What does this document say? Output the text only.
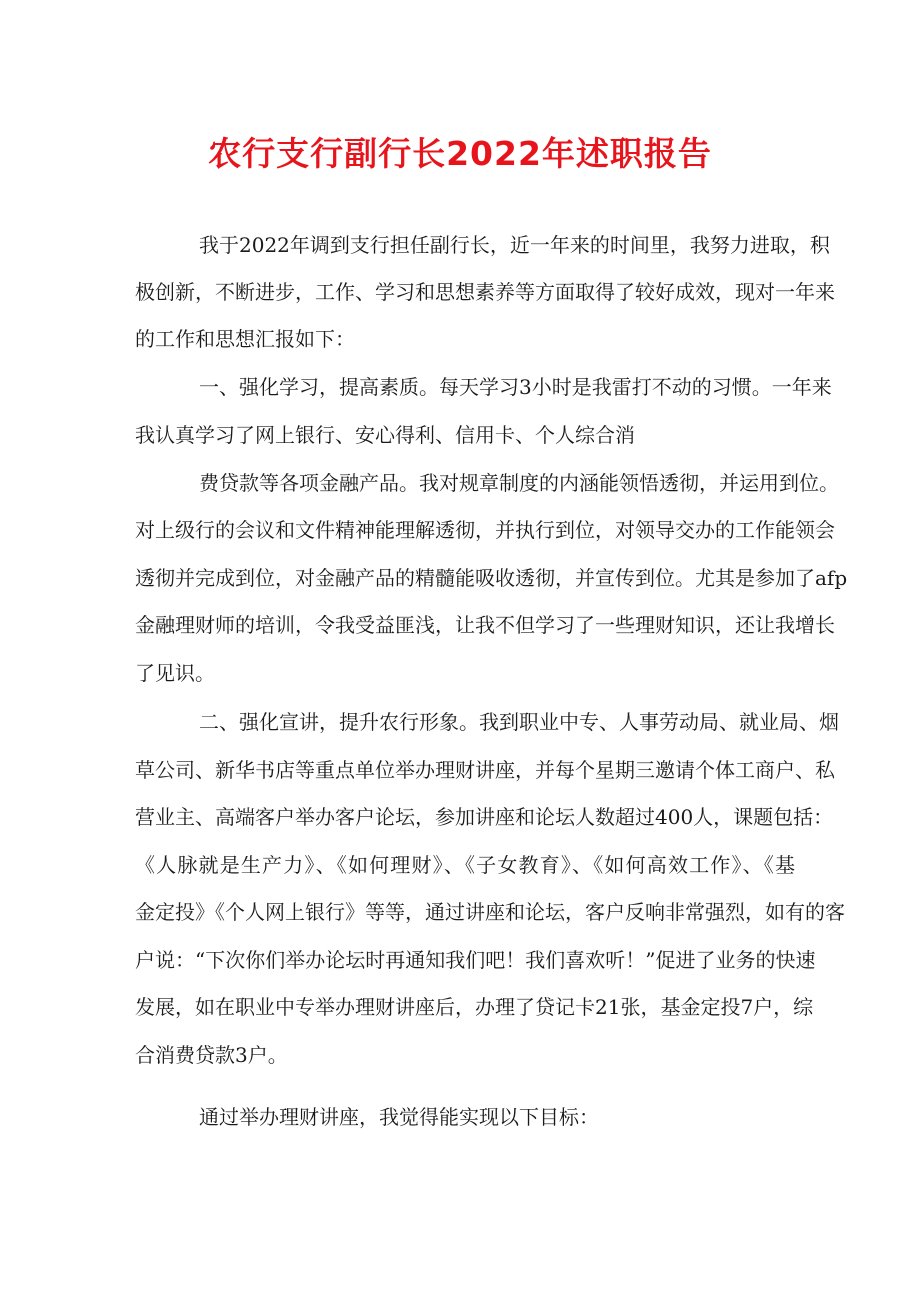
农行支行副行长2022年述职报告

我于2022年调到支行担任副行长，近一年来的时间里，我努力进取，积

极创新，不断进步，工作、学习和思想素养等方面取得了较好成效，现对一年来

的工作和思想汇报如下：

一、强化学习，提高素质。每天学习3小时是我雷打不动的习惯。一年来

我认真学习了网上银行、安心得利、信用卡、个人综合消

费贷款等各项金融产品。我对规章制度的内涵能领悟透彻，并运用到位。

对上级行的会议和文件精神能理解透彻，并执行到位，对领导交办的工作能领会

透彻并完成到位，对金融产品的精髓能吸收透彻，并宣传到位。尤其是参加了afp

金融理财师的培训，令我受益匪浅，让我不但学习了一些理财知识，还让我增长

了见识。

二、强化宣讲，提升农行形象。我到职业中专、人事劳动局、就业局、烟

草公司、新华书店等重点单位举办理财讲座，并每个星期三邀请个体工商户、私

营业主、高端客户举办客户论坛，参加讲座和论坛人数超过400人，课题包括：

《人脉就是生产力》、《如何理财》、《子女教育》、《如何高效工作》、《基

金定投》《个人网上银行》等等，通过讲座和论坛，客户反响非常强烈，如有的客

户说：“下次你们举办论坛时再通知我们吧！我们喜欢听！”促进了业务的快速

发展，如在职业中专举办理财讲座后，办理了贷记卡21张，基金定投7户，综

合消费贷款3户。

通过举办理财讲座，我觉得能实现以下目标：
